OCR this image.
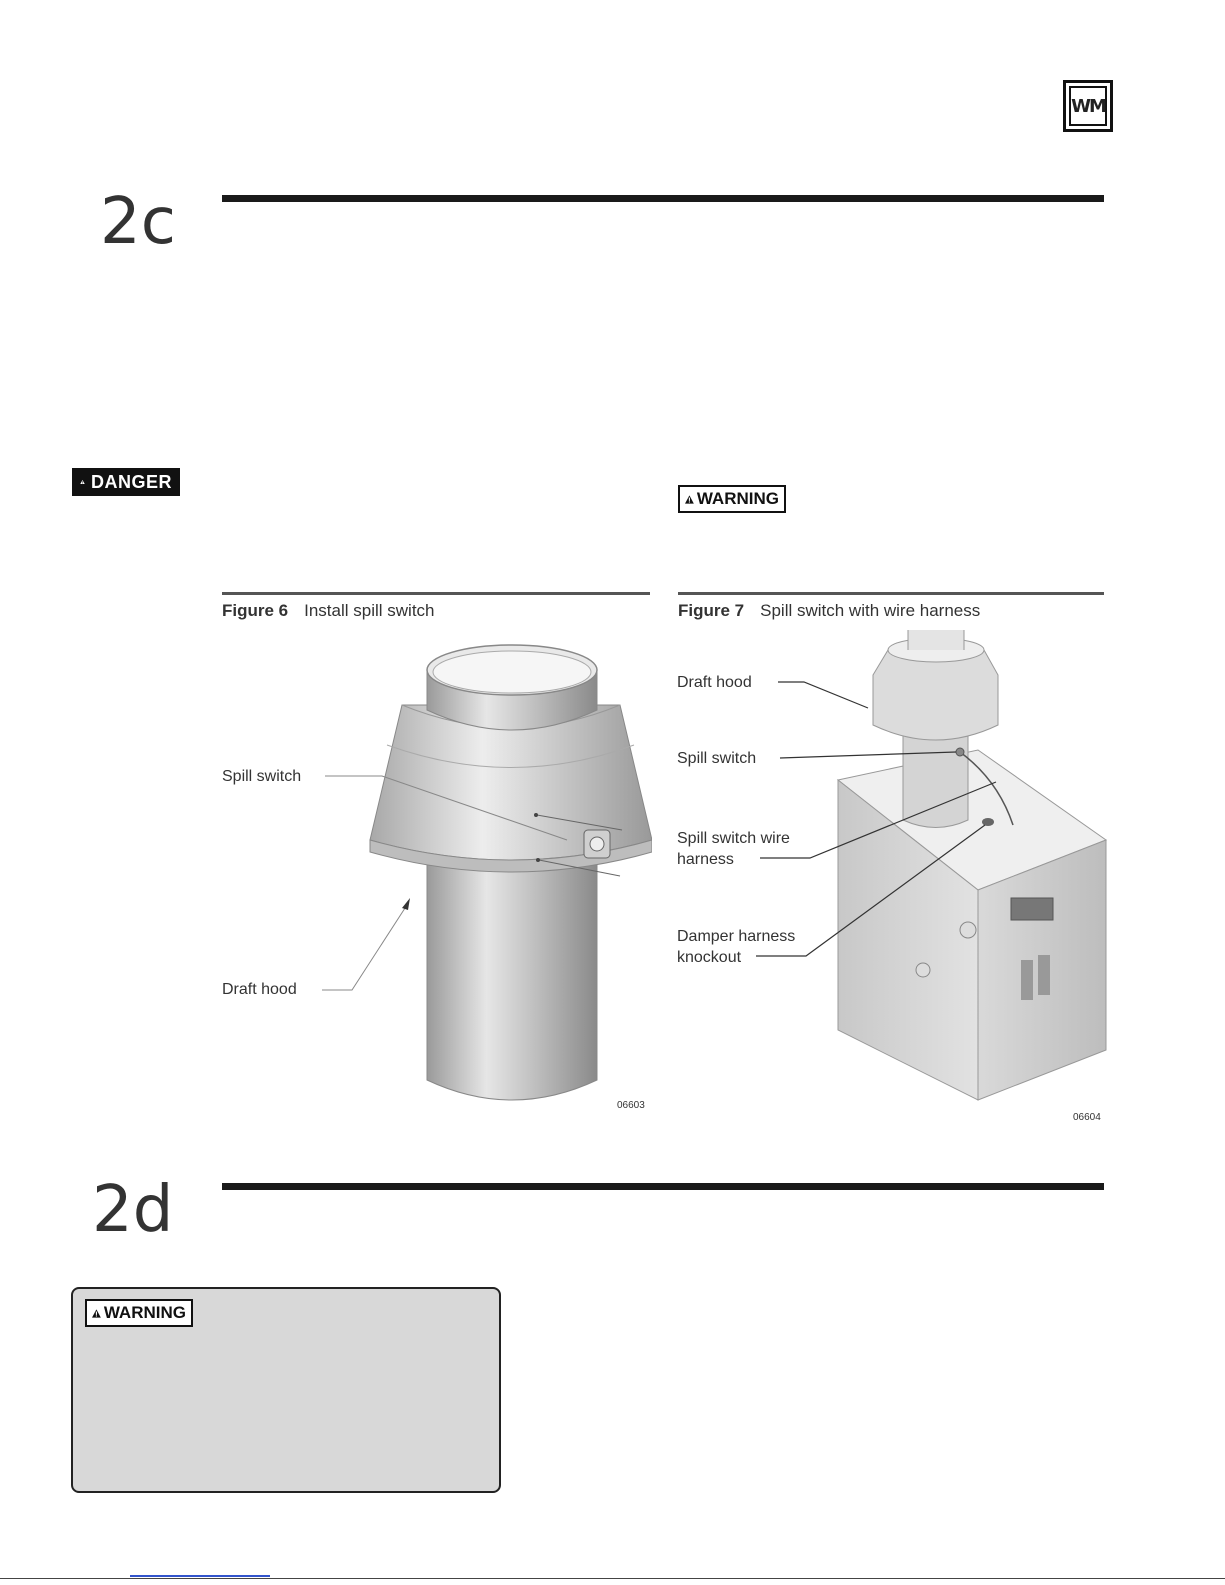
WM
2c
DANGER
WARNING
Figure 6 Install spill switch
Spill switch
Draft hood
06603
Figure 7 Spill switch with wire harness
Draft hood
Spill switch
Spill switch wire
harness
Damper harness
knockout
06604
2d
WARNING
